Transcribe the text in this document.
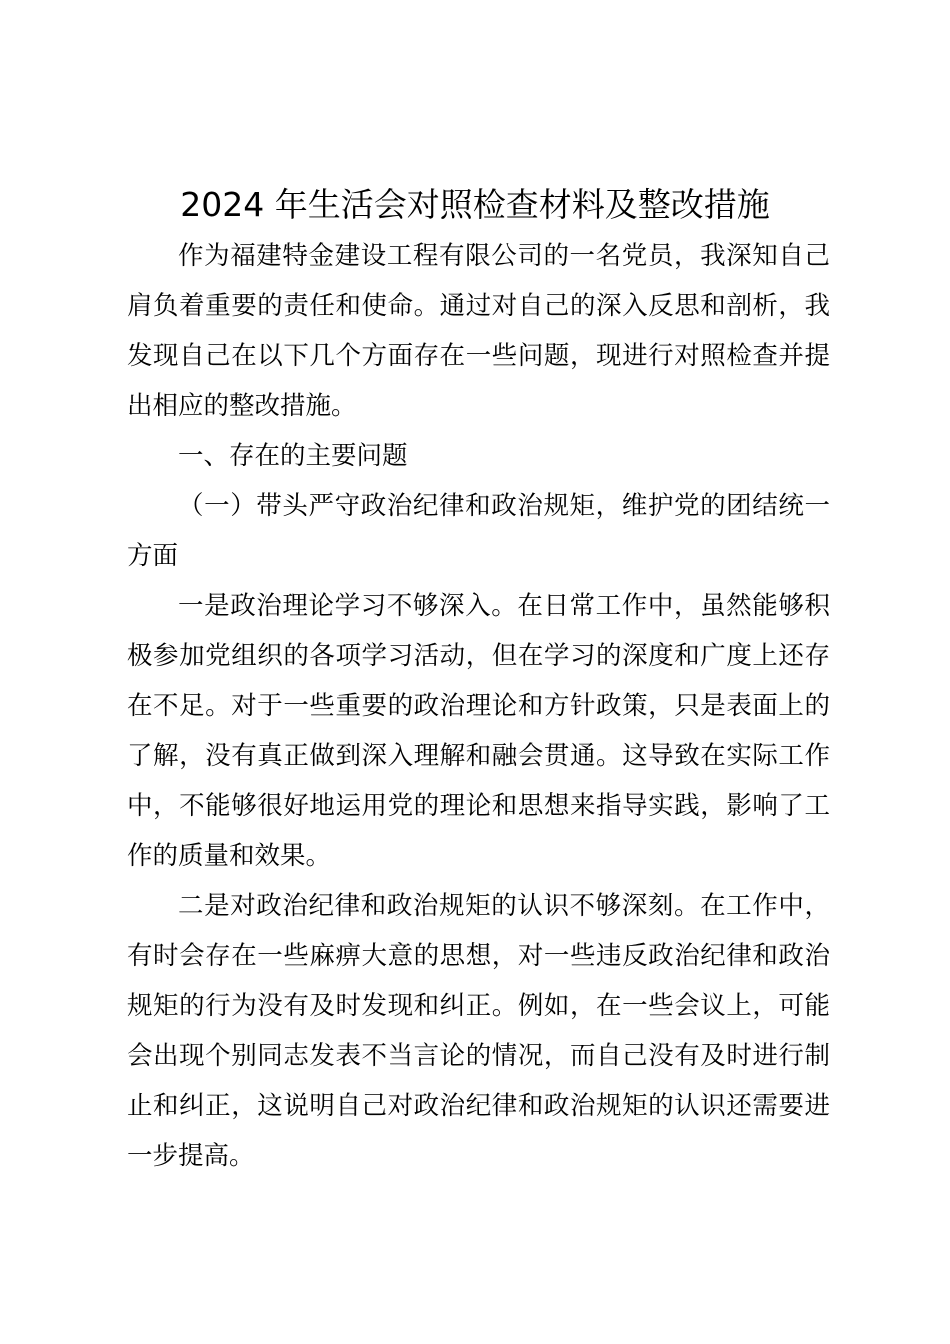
2024 年生活会对照检查材料及整改措施

作为福建特金建设工程有限公司的一名党员，我深知自己肩负着重要的责任和使命。通过对自己的深入反思和剖析，我发现自己在以下几个方面存在一些问题，现进行对照检查并提出相应的整改措施。

一、存在的主要问题

（一）带头严守政治纪律和政治规矩，维护党的团结统一方面

一是政治理论学习不够深入。在日常工作中，虽然能够积极参加党组织的各项学习活动，但在学习的深度和广度上还存在不足。对于一些重要的政治理论和方针政策，只是表面上的了解，没有真正做到深入理解和融会贯通。这导致在实际工作中，不能够很好地运用党的理论和思想来指导实践，影响了工作的质量和效果。

二是对政治纪律和政治规矩的认识不够深刻。在工作中，有时会存在一些麻痹大意的思想，对一些违反政治纪律和政治规矩的行为没有及时发现和纠正。例如，在一些会议上，可能会出现个别同志发表不当言论的情况，而自己没有及时进行制止和纠正，这说明自己对政治纪律和政治规矩的认识还需要进一步提高。
